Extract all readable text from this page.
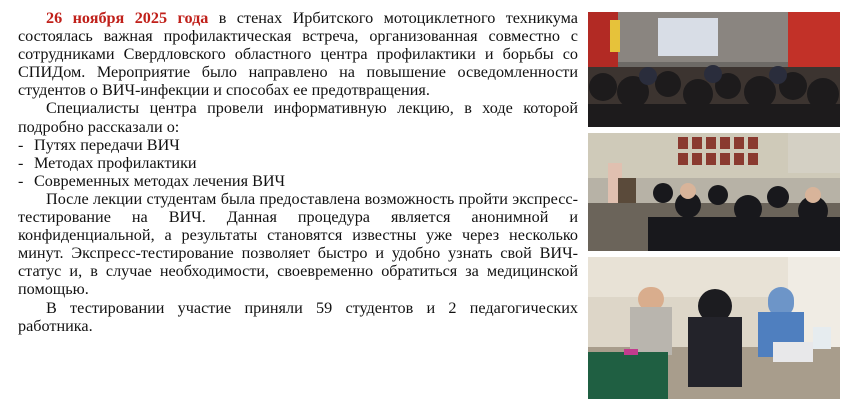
26 ноября 2025 года в стенах Ирбитского мотоциклетного техникума состоялась важная профилактическая встреча, организованная совместно с сотрудниками Свердловского областного центра профилактики и борьбы со СПИДом. Мероприятие было направлено на повышение осведомленности студентов о ВИЧ-инфекции и способах ее предотвращения.

Специалисты центра провели информативную лекцию, в ходе которой подробно рассказали о:

- Путях передачи ВИЧ
- Методах профилактики
- Современных методах лечения ВИЧ

После лекции студентам была предоставлена возможность пройти экспресс-тестирование на ВИЧ. Данная процедура является анонимной и конфиденциальной, а результаты становятся известны уже через несколько минут. Экспресс-тестирование позволяет быстро и удобно узнать свой ВИЧ-статус и, в случае необходимости, своевременно обратиться за медицинской помощью.

В тестировании участие приняли 59 студентов и 2 педагогических работника.
